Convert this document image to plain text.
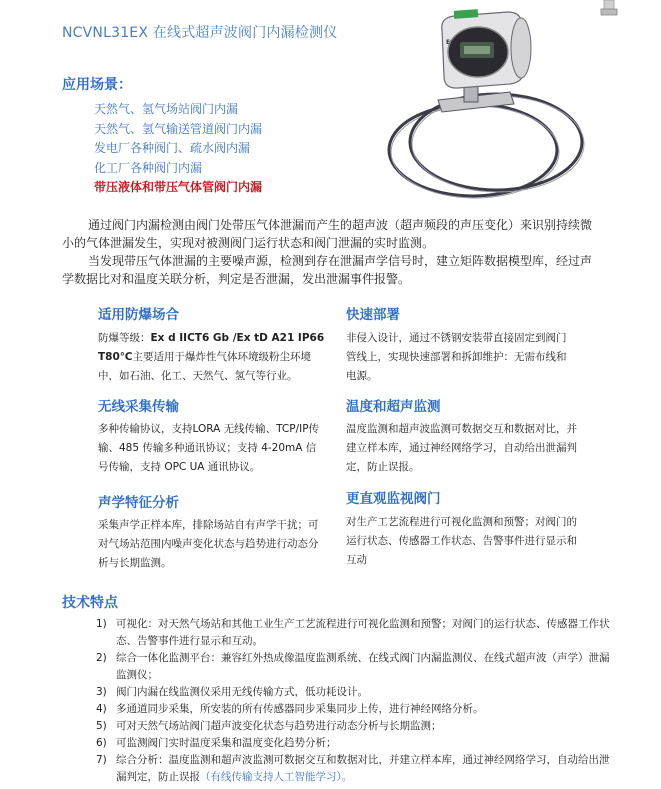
NCVNL31EX 在线式超声波阀门内漏检测仪
Ex
应用场景：
天然气、氢气场站阀门内漏
天然气、氢气输送管道阀门内漏
发电厂各种阀门、疏水阀内漏
化工厂各种阀门内漏
带压液体和带压气体管阀门内漏

通过阀门内漏检测由阀门处带压气体泄漏而产生的超声波（超声频段的声压变化）来识别持续微小的气体泄漏发生，实现对被测阀门运行状态和阀门泄漏的实时监测。

当发现带压气体泄漏的主要噪声源，检测到存在泄漏声学信号时，建立矩阵数据模型库，经过声学数据比对和温度关联分析，判定是否泄漏，发出泄漏事件报警。

适用防爆场合
防爆等级：Ex d IICT6 Gb /Ex tD A21 IP66 T80℃主要适用于爆炸性气体环境级粉尘环境中，如石油、化工、天然气、氢气等行业。
无线采集传输
多种传输协议，支持LORA 无线传输、TCP/IP传输、485 传输多种通讯协议；支持 4-20mA 信号传输，支持 OPC UA 通讯协议。
声学特征分析
采集声学正样本库，排除场站自有声学干扰；可对气场站范围内噪声变化状态与趋势进行动态分析与长期监测。
快速部署
非侵入设计，通过不锈钢安装带直接固定到阀门管线上，实现快速部署和拆卸维护：无需布线和电源。
温度和超声监测
温度监测和超声波监测可数据交互和数据对比，并建立样本库，通过神经网络学习，自动给出泄漏判定，防止误报。
更直观监视阀门
对生产工艺流程进行可视化监测和预警；对阀门的运行状态、传感器工作状态、告警事件进行显示和互动
技术特点
1) 可视化：对天然气场站和其他工业生产工艺流程进行可视化监测和预警；对阀门的运行状态、传感器工作状态、告警事件进行显示和互动。
2) 综合一体化监测平台：兼容红外热成像温度监测系统、在线式阀门内漏监测仪、在线式超声波（声学）泄漏监测仪；
3) 阀门内漏在线监测仪采用无线传输方式，低功耗设计。
4) 多通道同步采集，所安装的所有传感器同步采集同步上传，进行神经网络分析。
5) 可对天然气场站阀门超声波变化状态与趋势进行动态分析与长期监测；
6) 可监测阀门实时温度采集和温度变化趋势分析；
7) 综合分析：温度监测和超声波监测可数据交互和数据对比，并建立样本库，通过神经网络学习，自动给出泄漏判定，防止误报（有线传输支持人工智能学习）。
